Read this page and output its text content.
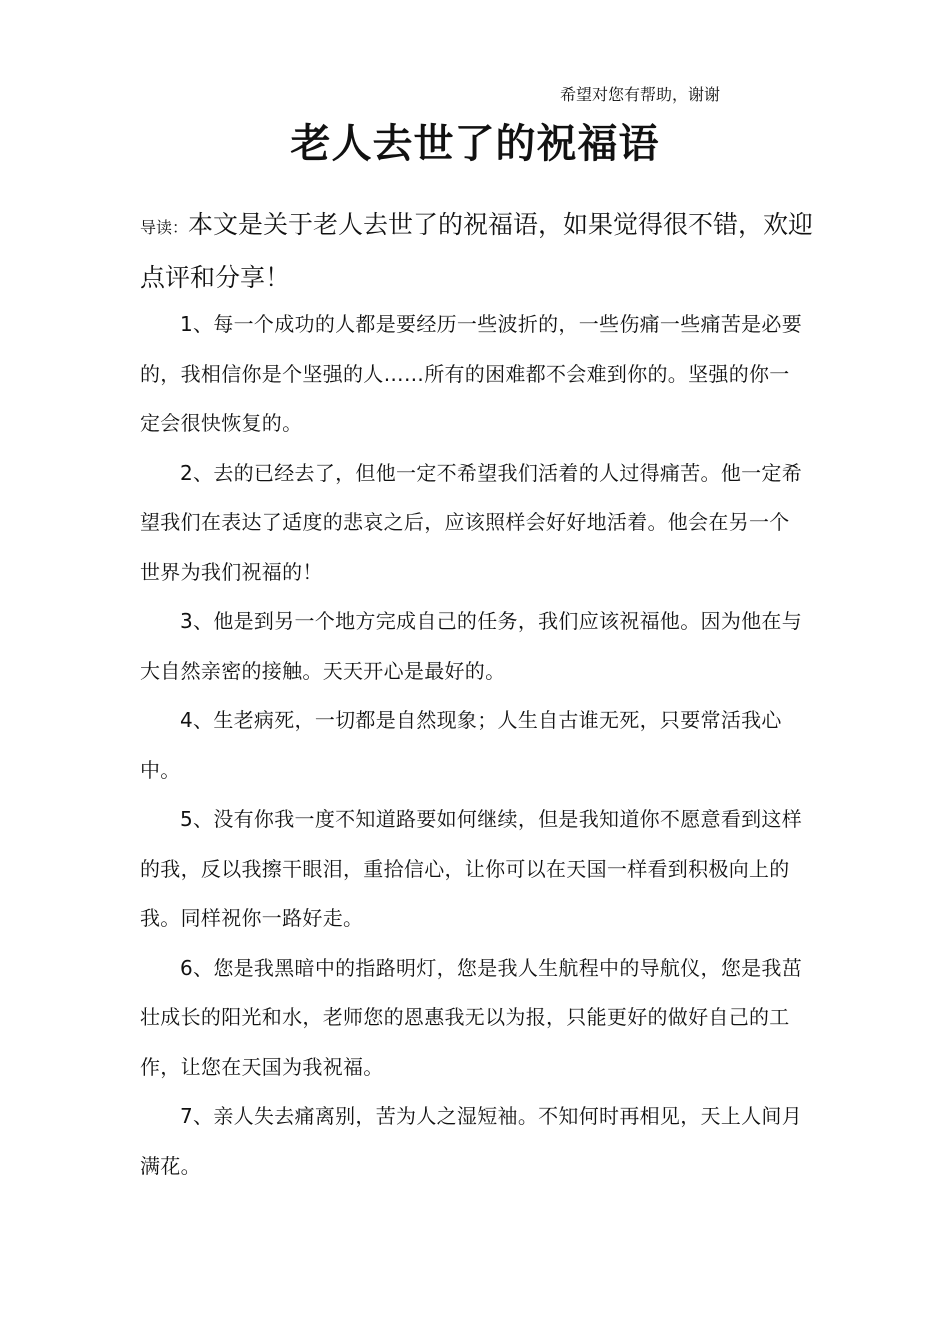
希望对您有帮助，谢谢
老人去世了的祝福语
导读：本文是关于老人去世了的祝福语，如果觉得很不错，欢迎点评和分享！

1、每一个成功的人都是要经历一些波折的，一些伤痛一些痛苦是必要的，我相信你是个坚强的人……所有的困难都不会难到你的。坚强的你一定会很快恢复的。

2、去的已经去了，但他一定不希望我们活着的人过得痛苦。他一定希望我们在表达了适度的悲哀之后，应该照样会好好地活着。他会在另一个世界为我们祝福的！

3、他是到另一个地方完成自己的任务，我们应该祝福他。因为他在与大自然亲密的接触。天天开心是最好的。

4、生老病死，一切都是自然现象；人生自古谁无死，只要常活我心中。

5、没有你我一度不知道路要如何继续，但是我知道你不愿意看到这样的我，反以我擦干眼泪，重拾信心，让你可以在天国一样看到积极向上的我。同样祝你一路好走。

6、您是我黑暗中的指路明灯，您是我人生航程中的导航仪，您是我茁壮成长的阳光和水，老师您的恩惠我无以为报，只能更好的做好自己的工作，让您在天国为我祝福。

7、亲人失去痛离别，苦为人之湿短袖。不知何时再相见，天上人间月满花。
